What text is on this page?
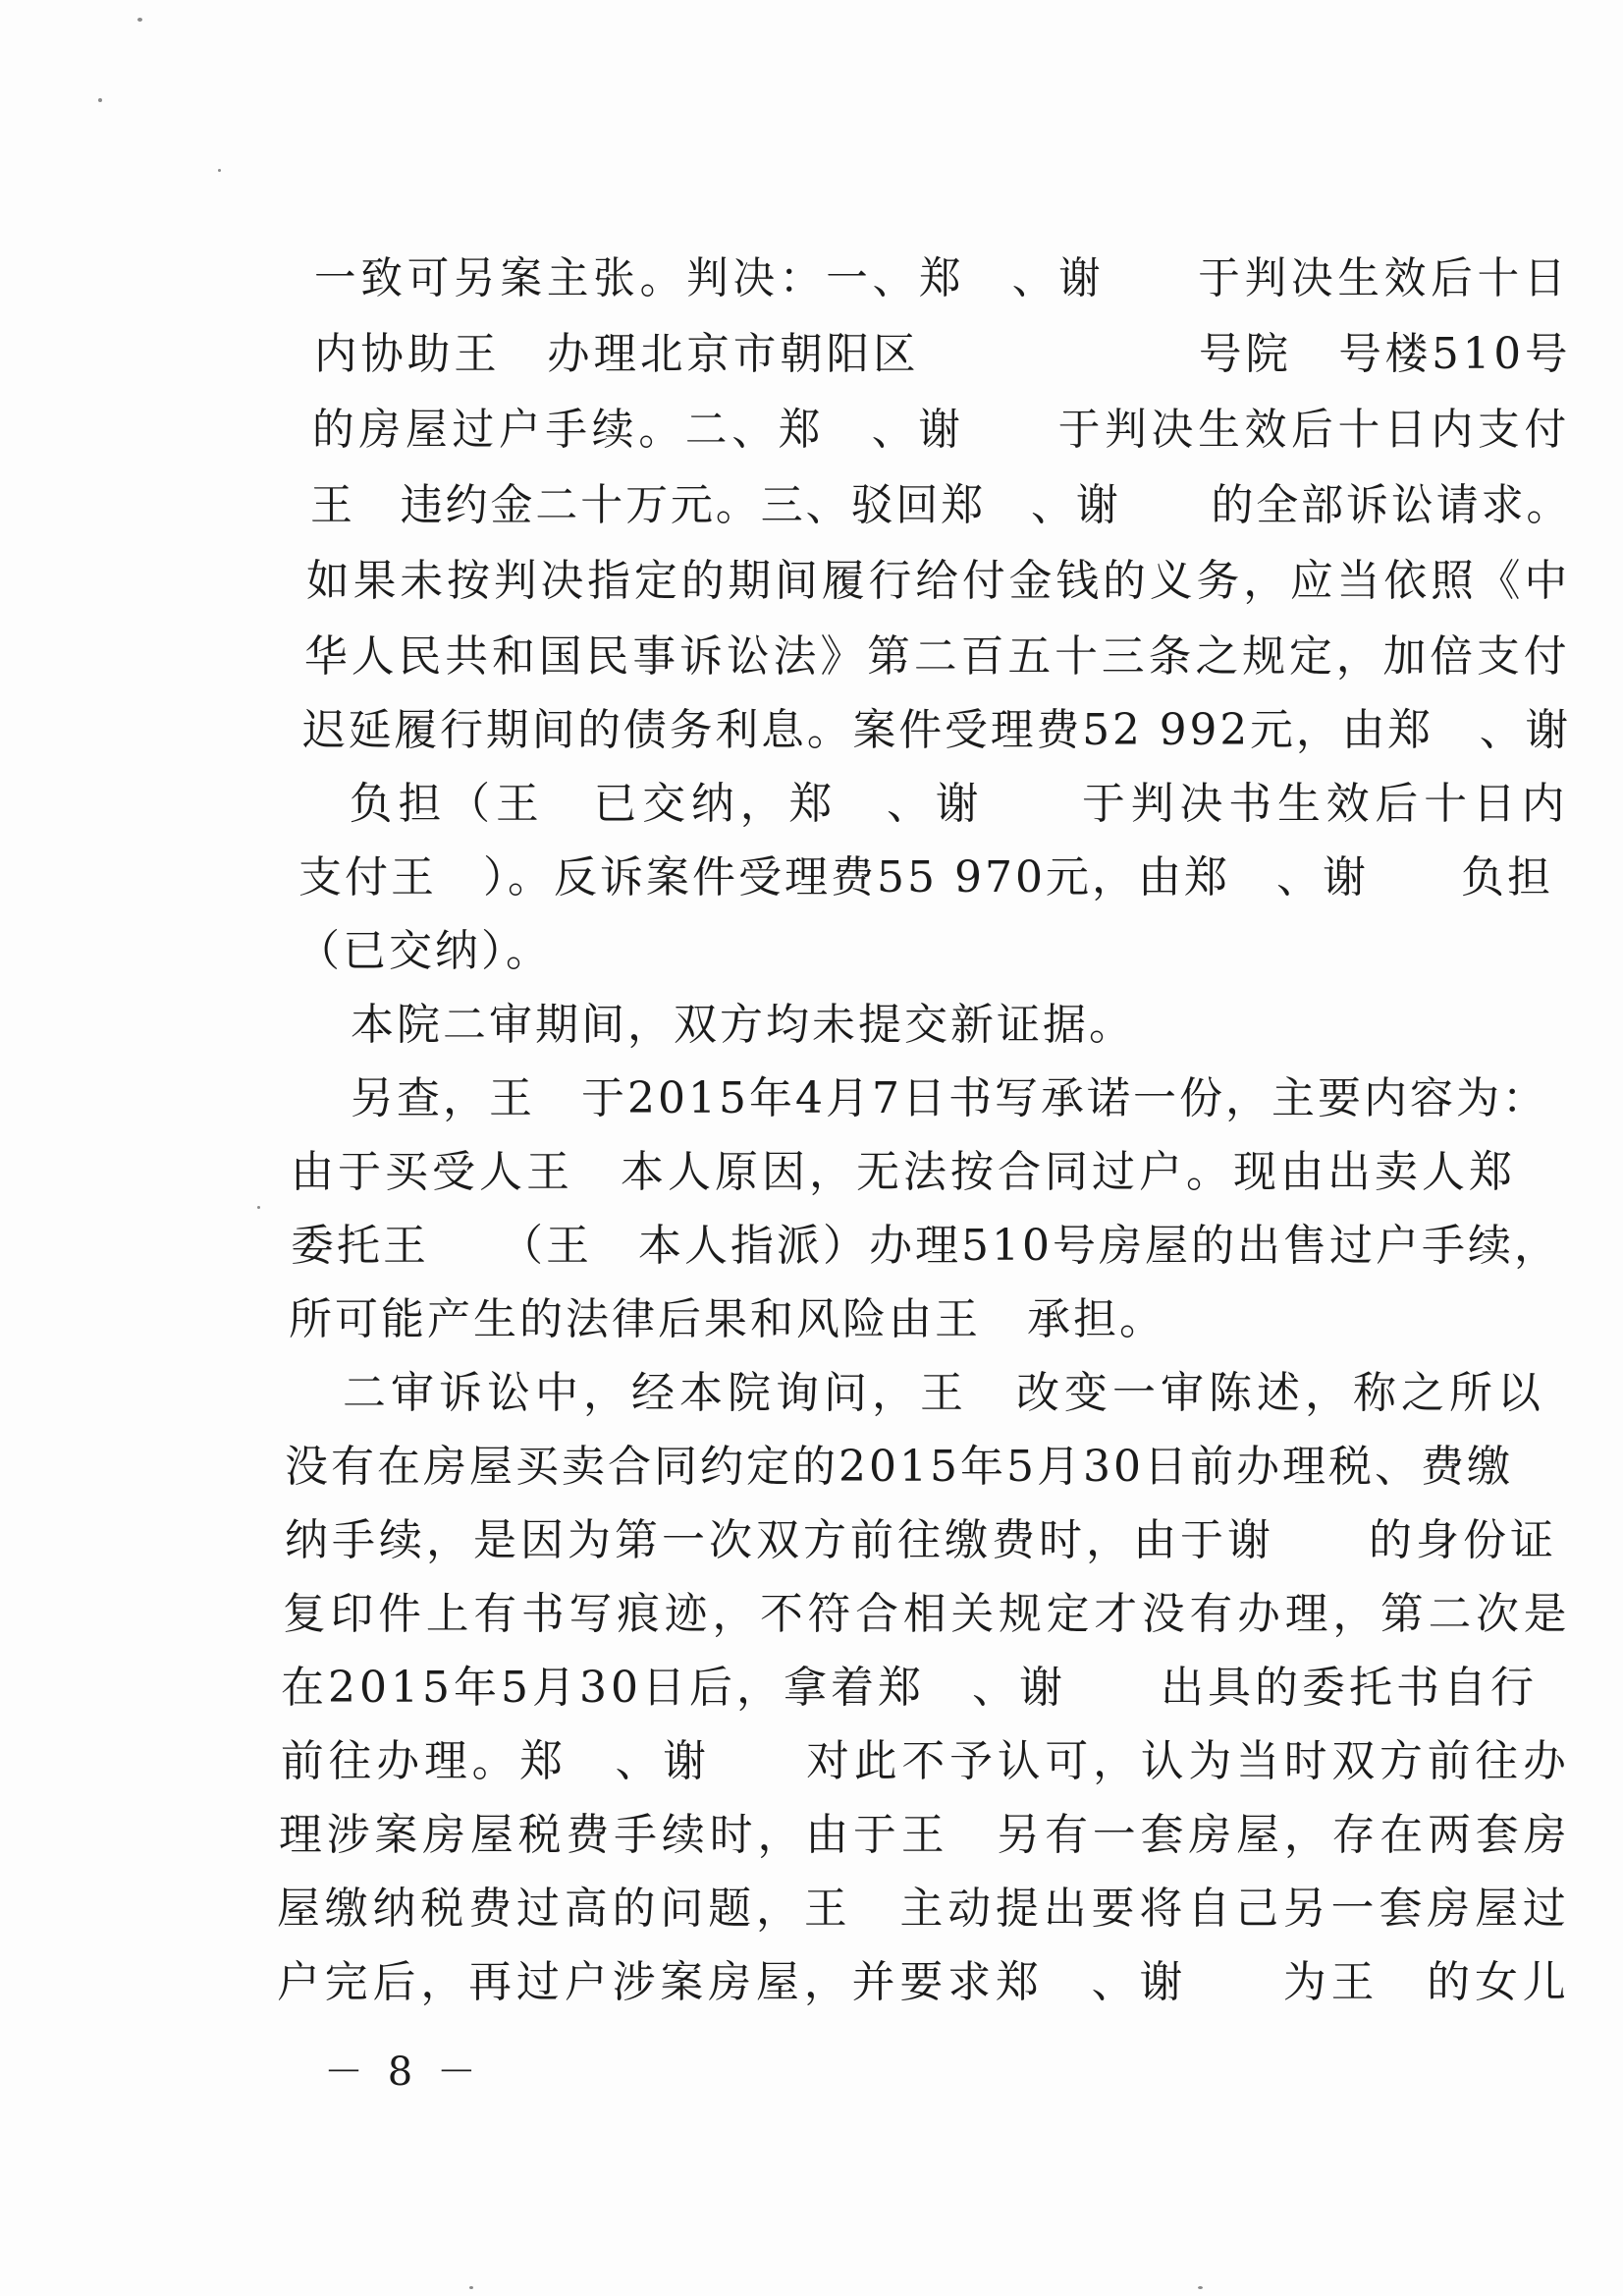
一致可另案主张。判决：一、郑　、谢　　于判决生效后十日
内协助王　办理北京市朝阳区　　　　　　号院　号楼510号
的房屋过户手续。二、郑　、谢　　于判决生效后十日内支付
王　违约金二十万元。三、驳回郑　、谢　　的全部诉讼请求。
如果未按判决指定的期间履行给付金钱的义务，应当依照《中
华人民共和国民事诉讼法》第二百五十三条之规定，加倍支付
迟延履行期间的债务利息。案件受理费52 992元，由郑　、谢
　负担（王　已交纳，郑　、谢　　于判决书生效后十日内
支付王　）。反诉案件受理费55 970元，由郑　、谢　　负担
（已交纳）。
　本院二审期间，双方均未提交新证据。
　另查，王　于2015年4月7日书写承诺一份，主要内容为：
由于买受人王　本人原因，无法按合同过户。现由出卖人郑
委托王　　（王　本人指派）办理510号房屋的出售过户手续，
所可能产生的法律后果和风险由王　承担。
　二审诉讼中，经本院询问，王　改变一审陈述，称之所以
没有在房屋买卖合同约定的2015年5月30日前办理税、费缴
纳手续，是因为第一次双方前往缴费时，由于谢　　的身份证
复印件上有书写痕迹，不符合相关规定才没有办理，第二次是
在2015年5月30日后，拿着郑　、谢　　出具的委托书自行
前往办理。郑　、谢　　对此不予认可，认为当时双方前往办
理涉案房屋税费手续时，由于王　另有一套房屋，存在两套房
屋缴纳税费过高的问题，王　主动提出要将自己另一套房屋过
户完后，再过户涉案房屋，并要求郑　、谢　　为王　的女儿
－ 8 －
